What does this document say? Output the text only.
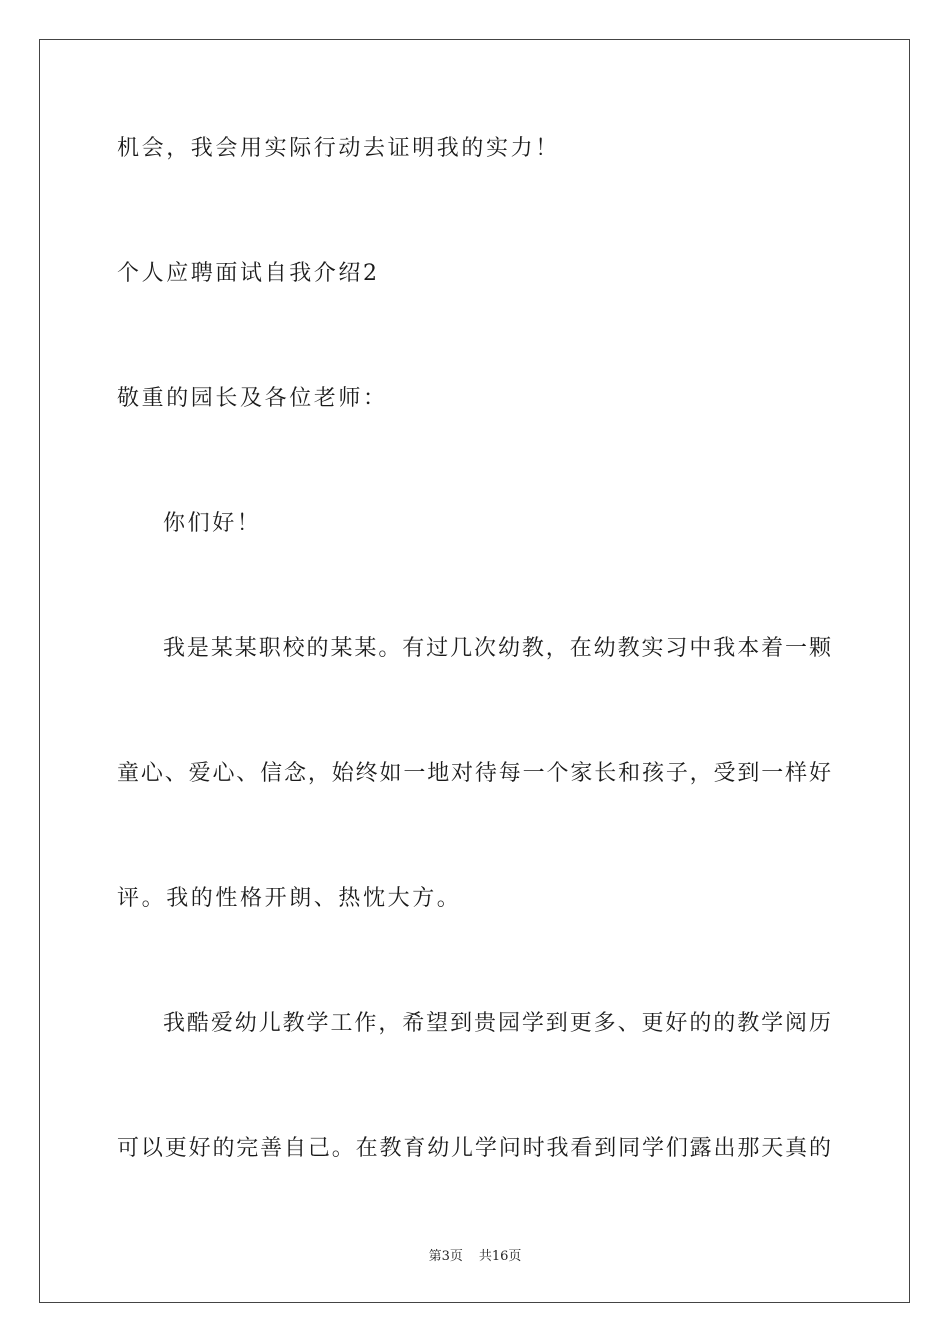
机会，我会用实际行动去证明我的实力！
个人应聘面试自我介绍2
敬重的园长及各位老师：
你们好！
我是某某职校的某某。有过几次幼教，在幼教实习中我本着一颗
童心、爱心、信念，始终如一地对待每一个家长和孩子，受到一样好
评。我的性格开朗、热忱大方。
我酷爱幼儿教学工作，希望到贵园学到更多、更好的的教学阅历
可以更好的完善自己。在教育幼儿学问时我看到同学们露出那天真的
第3页 共16页
